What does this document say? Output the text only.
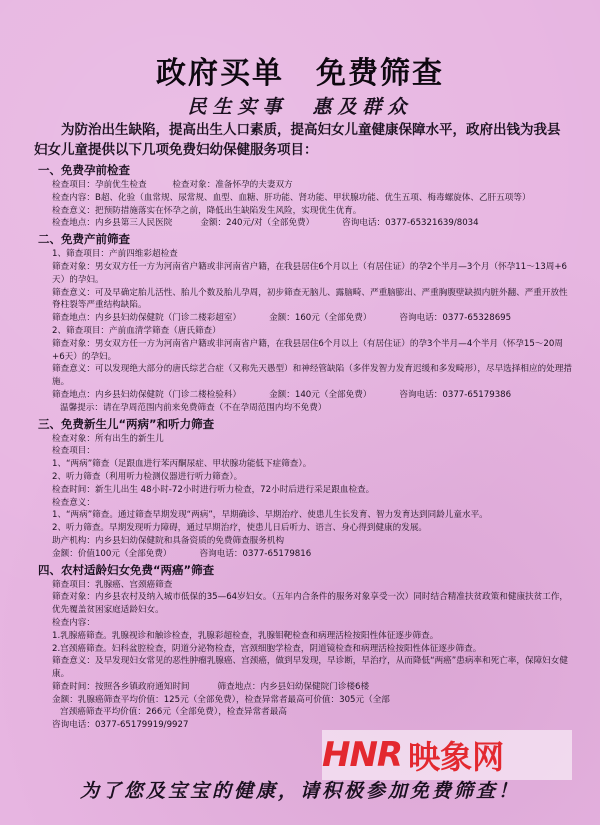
政府买单　免费筛查
民生实事　惠及群众
为防治出生缺陷，提高出生人口素质，提高妇女儿童健康保障水平，政府出钱为我县妇女儿童提供以下几项免费妇幼保健服务项目：
一、免费孕前检查
检查项目：孕前优生检查　　　检查对象：准备怀孕的夫妻双方
检查内容：B超、化验（血常规、尿常规、血型、血糖、肝功能、肾功能、甲状腺功能、优生五项、梅毒螺旋体、乙肝五项等）
检查意义：把预防措施落实在怀孕之前，降低出生缺陷发生风险，实现优生优育。
检查地点：内乡县第三人民医院	金额：240元/对（全部免费）	咨询电话：0377-65321639/8034
二、免费产前筛查
1、筛查项目：产前四维彩超检查
筛查对象：男女双方任一方为河南省户籍或非河南省户籍，在我县居住6个月以上（有居住证）的孕2个半月—3个月（怀孕11～13周+6天）的孕妇。
筛查意义：可及早确定胎儿活性、胎儿个数及胎儿孕周，初步筛查无脑儿、露脑畸、严重脑膨出、严重胸腹壁缺损内脏外翻、严重开放性脊柱裂等严重结构缺陷。
筛查地点：内乡县妇幼保健院（门诊二楼彩超室）	金额：160元（全部免费）	咨询电话：0377-65328695
2、筛查项目：产前血清学筛查（唐氏筛查）
筛查对象：男女双方任一方为河南省户籍或非河南省户籍，在我县居住6个月以上（有居住证）的孕3个半月—4个半月（怀孕15～20周+6天）的孕妇。
筛查意义：可以发现绝大部分的唐氏综艺合症（又称先天愚型）和神经管缺陷（多伴发智力发育迟缓和多发畸形），尽早选择相应的处理措施。
筛查地点：内乡县妇幼保健院（门诊二楼检验科）	金额：140元（全部免费）	咨询电话：0377-65179386
温馨提示：请在孕周范围内前来免费筛查（不在孕周范围内均不免费）
三、免费新生儿“两病”和听力筛查
检查对象：所有出生的新生儿
检查项目：
1、“两病”筛查（足跟血进行苯丙酮尿症、甲状腺功能低下症筛查）。
2、听力筛查（利用听力检测仪器进行听力筛查）。
检查时间：新生儿出生 48小时-72小时进行听力检查，72小时后进行采足跟血检查。
检查意义：
1、“两病”筛查。通过筛查早期发现“两病”，早期确诊、早期治疗、使患儿生长发育、智力发育达到同龄儿童水平。
2、听力筛查。早期发现听力障碍，通过早期治疗，使患儿日后听力、语言、身心得到健康的发展。
助产机构：内乡县妇幼保健院和具备资质的免费筛查服务机构
金额：价值100元（全部免费）	咨询电话：0377-65179816
四、农村适龄妇女免费“两癌”筛查
筛查项目：乳腺癌、宫颈癌筛查
筛查对象：内乡县农村及纳入城市低保的35—64岁妇女。（五年内合条件的服务对象享受一次）同时结合精准扶贫政策和健康扶贫工作，优先覆盖贫困家庭适龄妇女。
检查内容：
1.乳腺癌筛查。乳腺视诊和触诊检查，乳腺彩超检查，乳腺钼靶检查和病理活检按阳性体征逐步筛查。
2.宫颈癌筛查。妇科盆腔检查，阴道分泌物检查，宫颈细胞学检查，阴道镜检查和病理活检按阳性体征逐步筛查。
筛查意义：及早发现妇女常见的恶性肿瘤乳腺癌、宫颈癌，做到早发现，早诊断，早治疗，从而降低“两癌”患病率和死亡率，保障妇女健康。
筛查时间：按照各乡镇政府通知时间	筛查地点：内乡县妇幼保健院门诊楼6楼
金额：乳腺癌筛查平均价值：125元（全部免费），检查异常者最高可价值：305元（全部
宫颈癌筛查平均价值：266元（全部免费），检查异常者最高
咨询电话：0377-65179919/9927
HNR 映象网
为了您及宝宝的健康，请积极参加免费筛查！
